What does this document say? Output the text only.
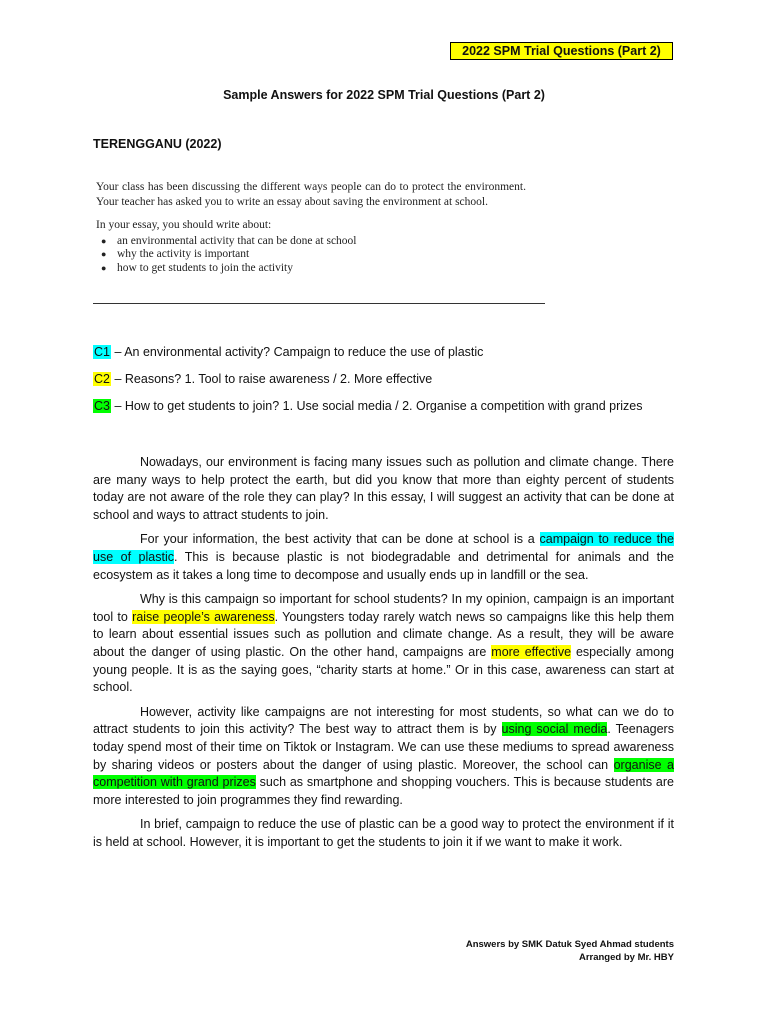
2022 SPM Trial Questions (Part 2)
Sample Answers for 2022 SPM Trial Questions (Part 2)
TERENGGANU (2022)

Your class has been discussing the different ways people can do to protect the environment. Your teacher has asked you to write an essay about saving the environment at school.

In your essay, you should write about:
● an environmental activity that can be done at school
● why the activity is important
● how to get students to join the activity
C1 – An environmental activity? Campaign to reduce the use of plastic
C2 – Reasons? 1. Tool to raise awareness / 2. More effective
C3 – How to get students to join? 1. Use social media / 2. Organise a competition with grand prizes

Nowadays, our environment is facing many issues such as pollution and climate change. There are many ways to help protect the earth, but did you know that more than eighty percent of students today are not aware of the role they can play? In this essay, I will suggest an activity that can be done at school and ways to attract students to join.

For your information, the best activity that can be done at school is a campaign to reduce the use of plastic. This is because plastic is not biodegradable and detrimental for animals and the ecosystem as it takes a long time to decompose and usually ends up in landfill or the sea.

Why is this campaign so important for school students? In my opinion, campaign is an important tool to raise people’s awareness. Youngsters today rarely watch news so campaigns like this help them to learn about essential issues such as pollution and climate change. As a result, they will be aware about the danger of using plastic. On the other hand, campaigns are more effective especially among young people. It is as the saying goes, “charity starts at home.” Or in this case, awareness can start at school.

However, activity like campaigns are not interesting for most students, so what can we do to attract students to join this activity? The best way to attract them is by using social media. Teenagers today spend most of their time on Tiktok or Instagram. We can use these mediums to spread awareness by sharing videos or posters about the danger of using plastic. Moreover, the school can organise a competition with grand prizes such as smartphone and shopping vouchers. This is because students are more interested to join programmes they find rewarding.

In brief, campaign to reduce the use of plastic can be a good way to protect the environment if it is held at school. However, it is important to get the students to join it if we want to make it work.

Answers by SMK Datuk Syed Ahmad students
Arranged by Mr. HBY
